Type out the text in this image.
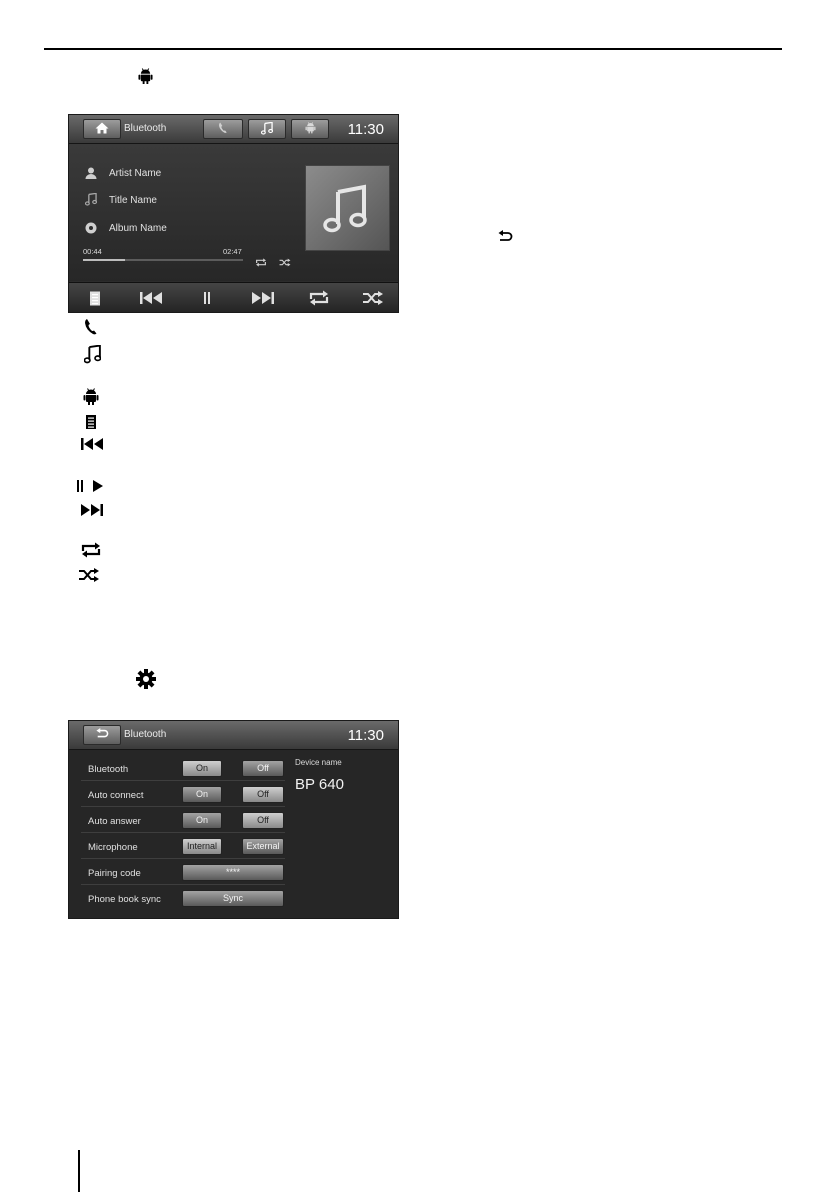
Bluetooth	11:30
Artist Name
Title Name
Album Name
00:44	02:47
Bluetooth	11:30
Bluetooth	On	Off
Auto connect	On	Off
Auto answer	On	Off
Microphone	Internal	External
Pairing code	****
Phone book sync	Sync
Device name
BP 640
